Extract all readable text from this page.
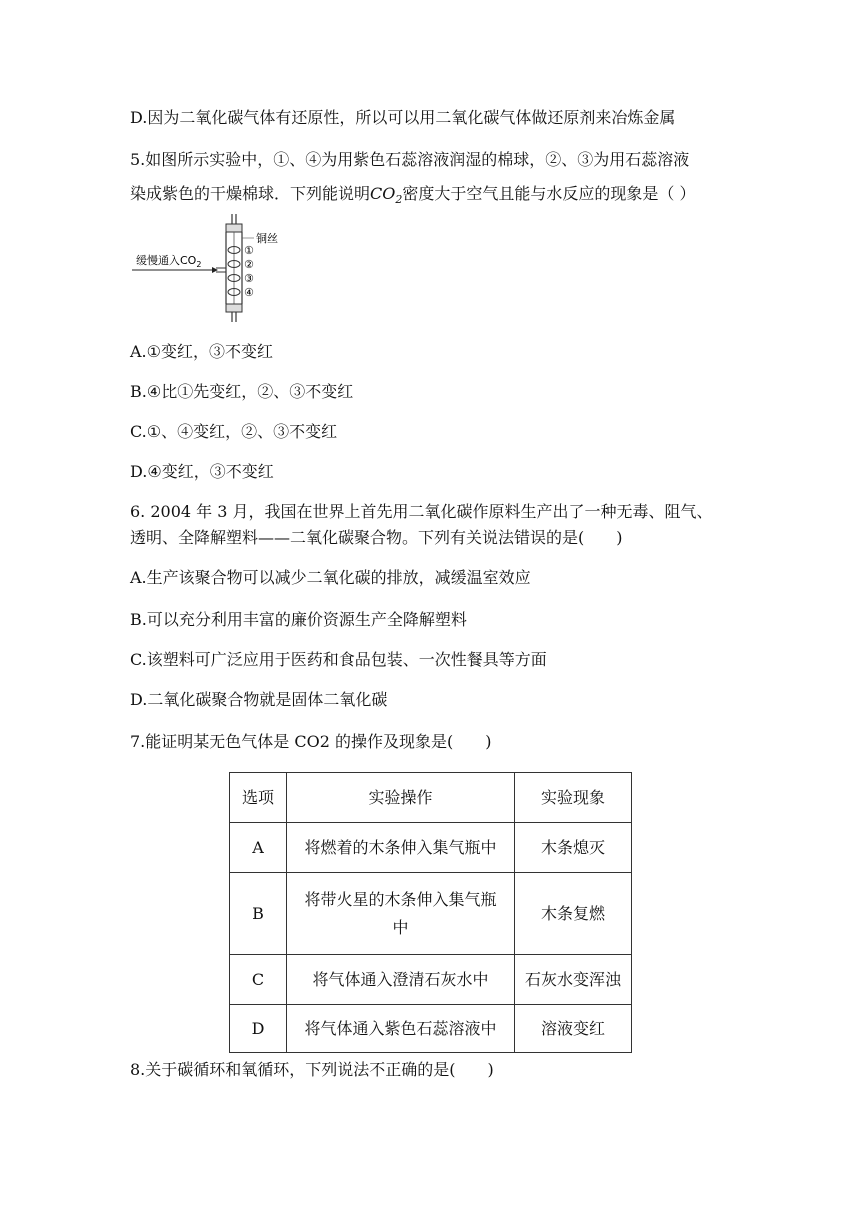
D.因为二氧化碳气体有还原性，所以可以用二氧化碳气体做还原剂来冶炼金属
5.如图所示实验中，①、④为用紫色石蕊溶液润湿的棉球，②、③为用石蕊溶液
染成紫色的干燥棉球．下列能说明$CO_2$密度大于空气且能与水反应的现象是（ ）
缓慢通入$CO_2$
铜丝
①
②
③
④
A.①变红，③不变红
B.④比①先变红，②、③不变红
C.①、④变红，②、③不变红
D.④变红，③不变红
6. 2004 年 3 月，我国在世界上首先用二氧化碳作原料生产出了一种无毒、阻气、
透明、全降解塑料——二氧化碳聚合物。下列有关说法错误的是(　　)
A.生产该聚合物可以减少二氧化碳的排放，减缓温室效应
B.可以充分利用丰富的廉价资源生产全降解塑料
C.该塑料可广泛应用于医药和食品包装、一次性餐具等方面
D.二氧化碳聚合物就是固体二氧化碳
7.能证明某无色气体是 CO2 的操作及现象是(　　)
选项	实验操作	实验现象
A	将燃着的木条伸入集气瓶中	木条熄灭
B	将带火星的木条伸入集气瓶
中	木条复燃
C	将气体通入澄清石灰水中	石灰水变浑浊
D	将气体通入紫色石蕊溶液中	溶液变红
8.关于碳循环和氧循环，下列说法不正确的是(　　)
